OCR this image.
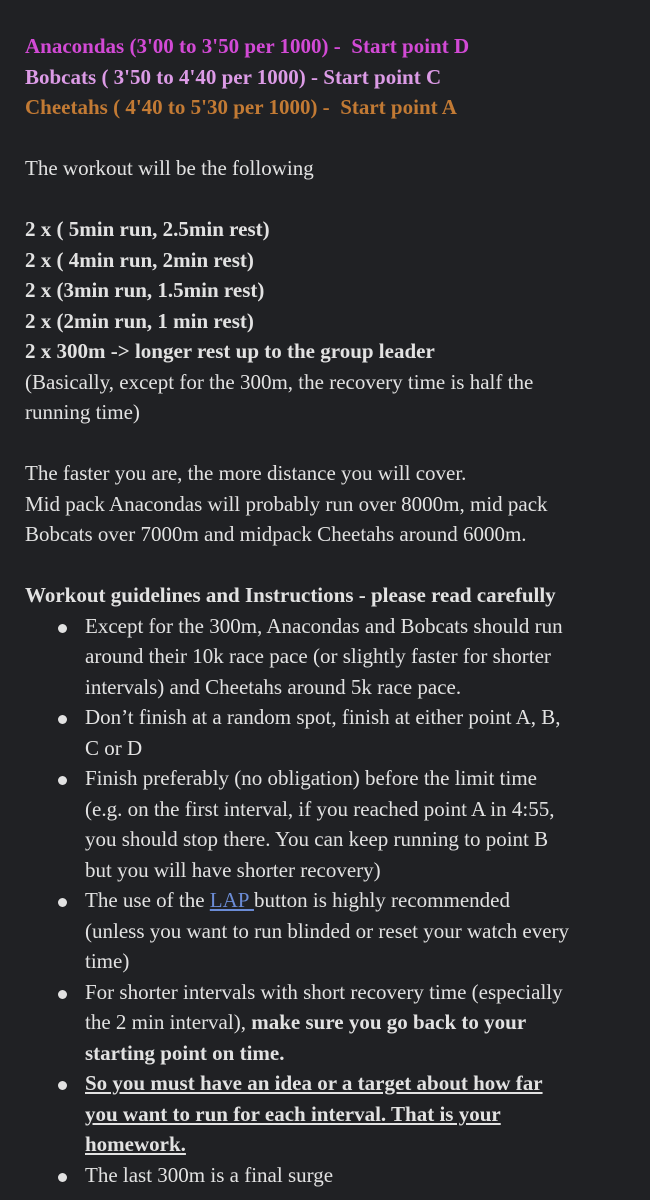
Anacondas (3'00 to 3'50 per 1000) - Start point D
Bobcats ( 3'50 to 4'40 per 1000) - Start point C
Cheetahs ( 4'40 to 5'30 per 1000) - Start point A
The workout will be the following
2 x ( 5min run, 2.5min rest)
2 x ( 4min run, 2min rest)
2 x (3min run, 1.5min rest)
2 x (2min run, 1 min rest)
2 x 300m -> longer rest up to the group leader
(Basically, except for the 300m, the recovery time is half the
running time)
The faster you are, the more distance you will cover.
Mid pack Anacondas will probably run over 8000m, mid pack
Bobcats over 7000m and midpack Cheetahs around 6000m.
Workout guidelines and Instructions - please read carefully
Except for the 300m, Anacondas and Bobcats should run
around their 10k race pace (or slightly faster for shorter
intervals) and Cheetahs around 5k race pace.
Don’t finish at a random spot, finish at either point A, B,
C or D
Finish preferably (no obligation) before the limit time
(e.g. on the first interval, if you reached point A in 4:55,
you should stop there. You can keep running to point B
but you will have shorter recovery)
The use of the LAP button is highly recommended
(unless you want to run blinded or reset your watch every
time)
For shorter intervals with short recovery time (especially
the 2 min interval), make sure you go back to your
starting point on time.
So you must have an idea or a target about how far
you want to run for each interval. That is your
homework.
The last 300m is a final surge
